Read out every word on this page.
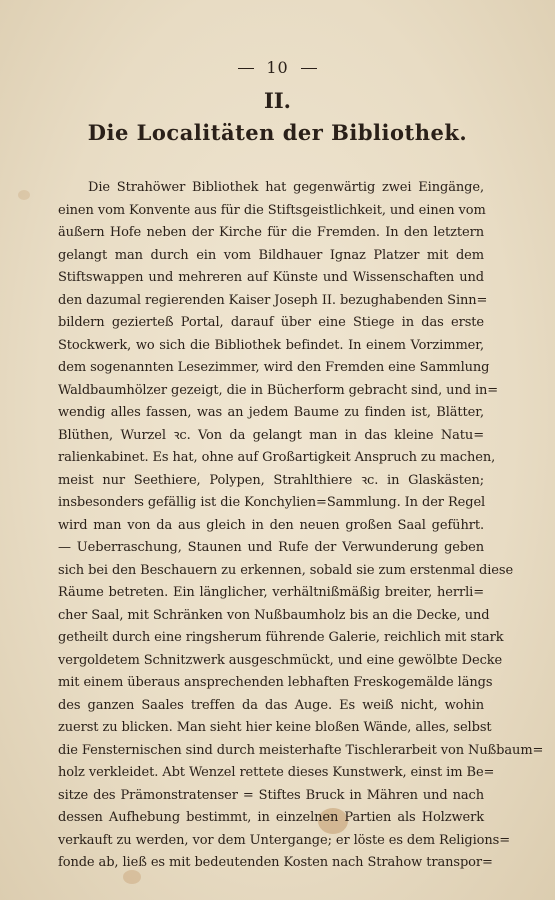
10
II.
Die Localitäten der Bibliothek.
Die Strahöwer Bibliothek hat gegenwärtig zwei Eingänge,
einen vom Konvente aus für die Stiftsgeistlichkeit, und einen vom
äußern Hofe neben der Kirche für die Fremden. In den letztern
gelangt man durch ein vom Bildhauer Ignaz Platzer mit dem
Stiftswappen und mehreren auf Künste und Wissenschaften und
den dazumal regierenden Kaiser Joseph II. bezughabenden Sinn=
bildern gezierteß Portal, darauf über eine Stiege in das erste
Stockwerk, wo sich die Bibliothek befindet. In einem Vorzimmer,
dem sogenannten Lesezimmer, wird den Fremden eine Sammlung
Waldbaumhölzer gezeigt, die in Bücherform gebracht sind, und in=
wendig alles fassen, was an jedem Baume zu finden ist, Blätter,
Blüthen, Wurzel ꝛc. Von da gelangt man in das kleine Natu=
ralienkabinet. Es hat, ohne auf Großartigkeit Anspruch zu machen,
meist nur Seethiere, Polypen, Strahlthiere ꝛc. in Glaskästen;
insbesonders gefällig ist die Konchylien=Sammlung. In der Regel
wird man von da aus gleich in den neuen großen Saal geführt.
— Ueberraschung, Staunen und Rufe der Verwunderung geben
sich bei den Beschauern zu erkennen, sobald sie zum erstenmal diese
Räume betreten. Ein länglicher, verhältnißmäßig breiter, herrli=
cher Saal, mit Schränken von Nußbaumholz bis an die Decke, und
getheilt durch eine ringsherum führende Galerie, reichlich mit stark
vergoldetem Schnitzwerk ausgeschmückt, und eine gewölbte Decke
mit einem überaus ansprechenden lebhaften Freskogemälde längs
des ganzen Saales treffen da das Auge. Es weiß nicht, wohin
zuerst zu blicken. Man sieht hier keine bloßen Wände, alles, selbst
die Fensternischen sind durch meisterhafte Tischlerarbeit von Nußbaum=
holz verkleidet. Abt Wenzel rettete dieses Kunstwerk, einst im Be=
sitze des Prämonstratenser = Stiftes Bruck in Mähren und nach
dessen Aufhebung bestimmt, in einzelnen Partien als Holzwerk
verkauft zu werden, vor dem Untergange; er löste es dem Religions=
fonde ab, ließ es mit bedeutenden Kosten nach Strahow transpor=
